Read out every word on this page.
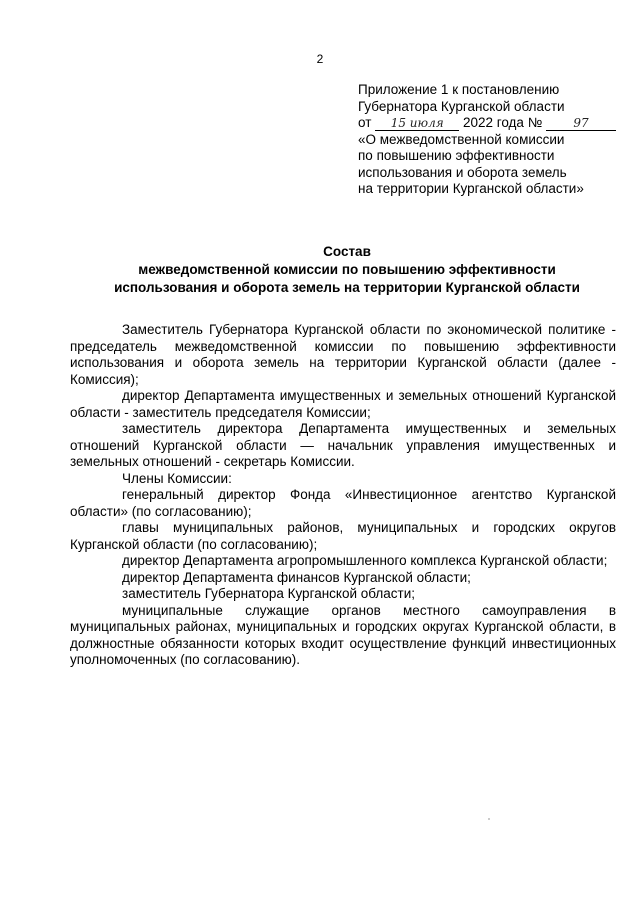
2
Приложение 1 к постановлению
Губернатора Курганской области
от 15 июля 2022 года №	97
«О межведомственной комиссии
по повышению эффективности
использования и оборота земель
на территории Курганской области»
Состав
межведомственной комиссии по повышению эффективности
использования и оборота земель на территории Курганской области

Заместитель Губернатора Курганской области по экономической политике - председатель межведомственной комиссии по повышению эффективности использования и оборота земель на территории Курганской области (далее - Комиссия);

директор Департамента имущественных и земельных отношений Курганской области - заместитель председателя Комиссии;

заместитель директора Департамента имущественных и земельных отношений Курганской области — начальник управления имущественных и земельных отношений - секретарь Комиссии.

Члены Комиссии:

генеральный директор Фонда «Инвестиционное агентство Курганской области» (по согласованию);

главы муниципальных районов, муниципальных и городских округов Курганской области (по согласованию);

директор Департамента агропромышленного комплекса Курганской области;

директор Департамента финансов Курганской области;

заместитель Губернатора Курганской области;

муниципальные служащие органов местного самоуправления в муниципальных районах, муниципальных и городских округах Курганской области, в должностные обязанности которых входит осуществление функций инвестиционных уполномоченных (по согласованию).
